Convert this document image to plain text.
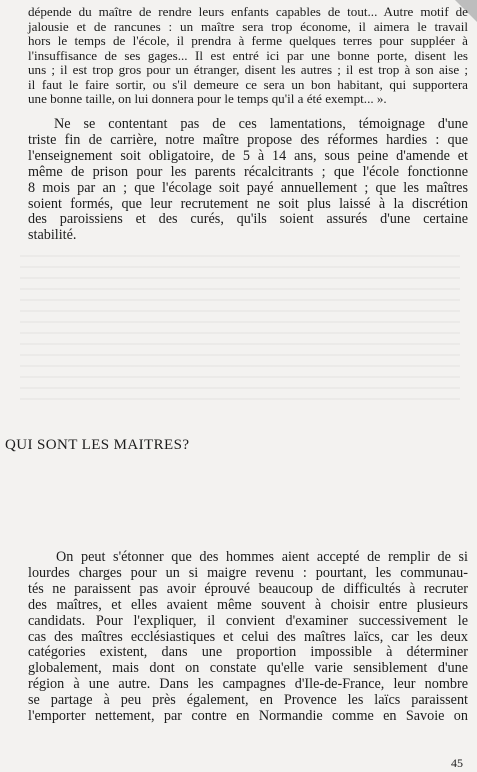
dépende du maître de rendre leurs enfants capables de tout... Autre motif de
jalousie et de rancunes : un maître sera trop économe, il aimera le travail
hors le temps de l'école, il prendra à ferme quelques terres pour suppléer à
l'insuffisance de ses gages... Il est entré ici par une bonne porte, disent les
uns ; il est trop gros pour un étranger, disent les autres ; il est trop à son aise ;
il faut le faire sortir, ou s'il demeure ce sera un bon habitant, qui supportera
une bonne taille, on lui donnera pour le temps qu'il a été exempt... ».

Ne se contentant pas de ces lamentations, témoignage d'une
triste fin de carrière, notre maître propose des réformes hardies : que
l'enseignement soit obligatoire, de 5 à 14 ans, sous peine d'amende et
même de prison pour les parents récalcitrants ; que l'école fonctionne
8 mois par an ; que l'écolage soit payé annuellement ; que les maîtres
soient formés, que leur recrutement ne soit plus laissé à la discrétion
des paroissiens et des curés, qu'ils soient assurés d'une certaine
stabilité.

QUI SONT LES MAITRES?

On peut s'étonner que des hommes aient accepté de remplir de si
lourdes charges pour un si maigre revenu : pourtant, les communau-
tés ne paraissent pas avoir éprouvé beaucoup de difficultés à recruter
des maîtres, et elles avaient même souvent à choisir entre plusieurs
candidats. Pour l'expliquer, il convient d'examiner successivement le
cas des maîtres ecclésiastiques et celui des maîtres laïcs, car les deux
catégories existent, dans une proportion impossible à déterminer
globalement, mais dont on constate qu'elle varie sensiblement d'une
région à une autre. Dans les campagnes d'Ile-de-France, leur nombre
se partage à peu près également, en Provence les laïcs paraissent
l'emporter nettement, par contre en Normandie comme en Savoie on

45
